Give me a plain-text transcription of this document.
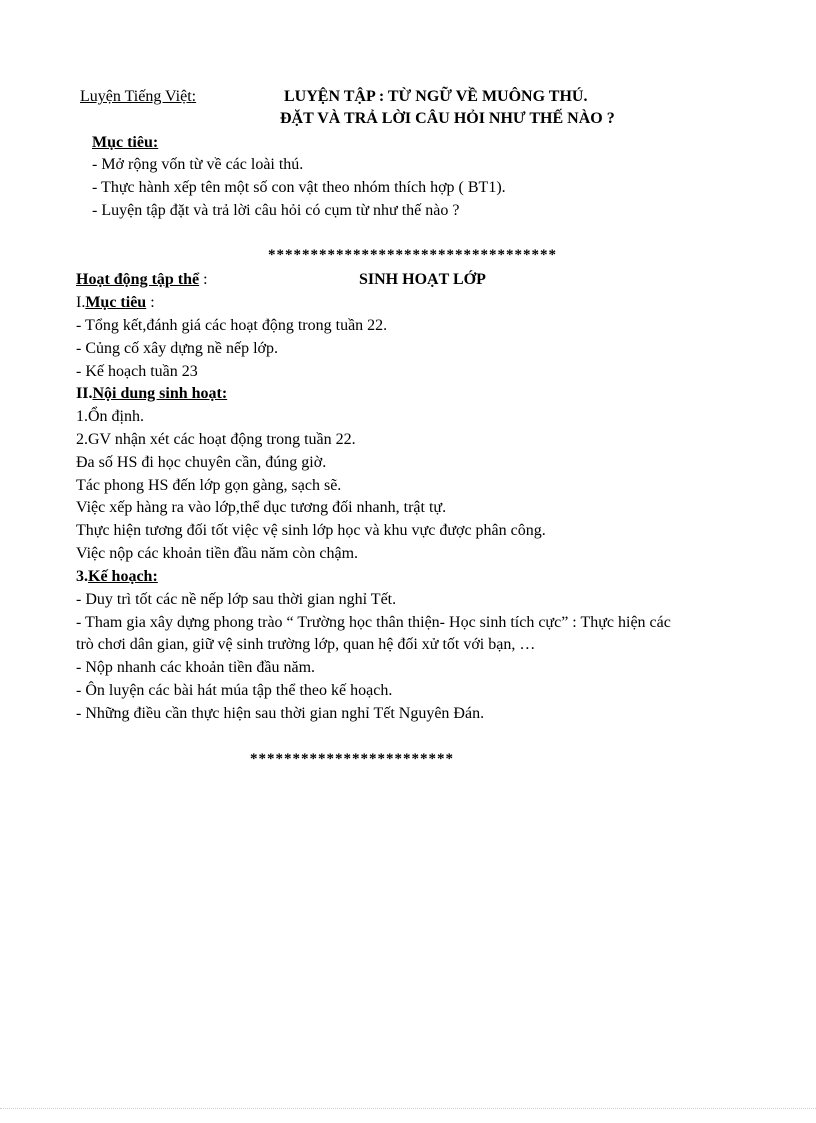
Luyện Tiếng Việt:	LUYỆN TẬP : TỪ NGỮ VỀ MUÔNG THÚ.
ĐẶT VÀ TRẢ LỜI CÂU HỎI NHƯ THẾ NÀO ?
Mục tiêu:
- Mở rộng vốn từ về các loài thú.
- Thực hành xếp tên một số con vật theo nhóm thích hợp ( BT1).
- Luyện tập đặt và trả lời câu hỏi có cụm từ như thế nào ?
**********************************
Hoạt động tập thể :	SINH HOẠT LỚP
I.Mục tiêu :
- Tổng kết,đánh giá các hoạt động trong tuần 22.
- Củng cố xây dựng nề nếp lớp.
- Kế hoạch tuần 23
II.Nội dung sinh hoạt:
1.Ổn định.
2.GV nhận xét các hoạt động trong tuần 22.
Đa số HS đi học chuyên cần, đúng giờ.
Tác phong HS đến lớp gọn gàng, sạch sẽ.
Việc xếp hàng ra vào lớp,thể dục tương đối nhanh, trật tự.
Thực hiện tương đối tốt việc vệ sinh lớp học và khu vực được phân công.
Việc nộp các khoản tiền đầu năm còn chậm.
3.Kế hoạch:
- Duy trì tốt các nề nếp lớp sau thời gian nghỉ Tết.
- Tham gia xây dựng phong trào “ Trường học thân thiện- Học sinh tích cực” : Thực hiện các
trò chơi dân gian, giữ vệ sinh trường lớp, quan hệ đối xử tốt với bạn, …
- Nộp nhanh các khoản tiền đầu năm.
- Ôn luyện các bài hát múa tập thể theo kế hoạch.
- Những điều cần thực hiện sau thời gian nghỉ Tết Nguyên Đán.
************************
